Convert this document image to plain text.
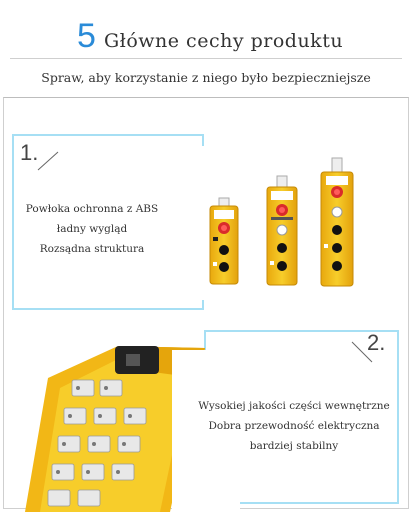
5 Główne cechy produktu
Spraw, aby korzystanie z niego było bezpieczniejsze
1.
Powłoka ochronna z ABS
ładny wygląd
Rozsądna struktura
2.
Wysokiej jakości części wewnętrzne
Dobra przewodność elektryczna
bardziej stabilny
